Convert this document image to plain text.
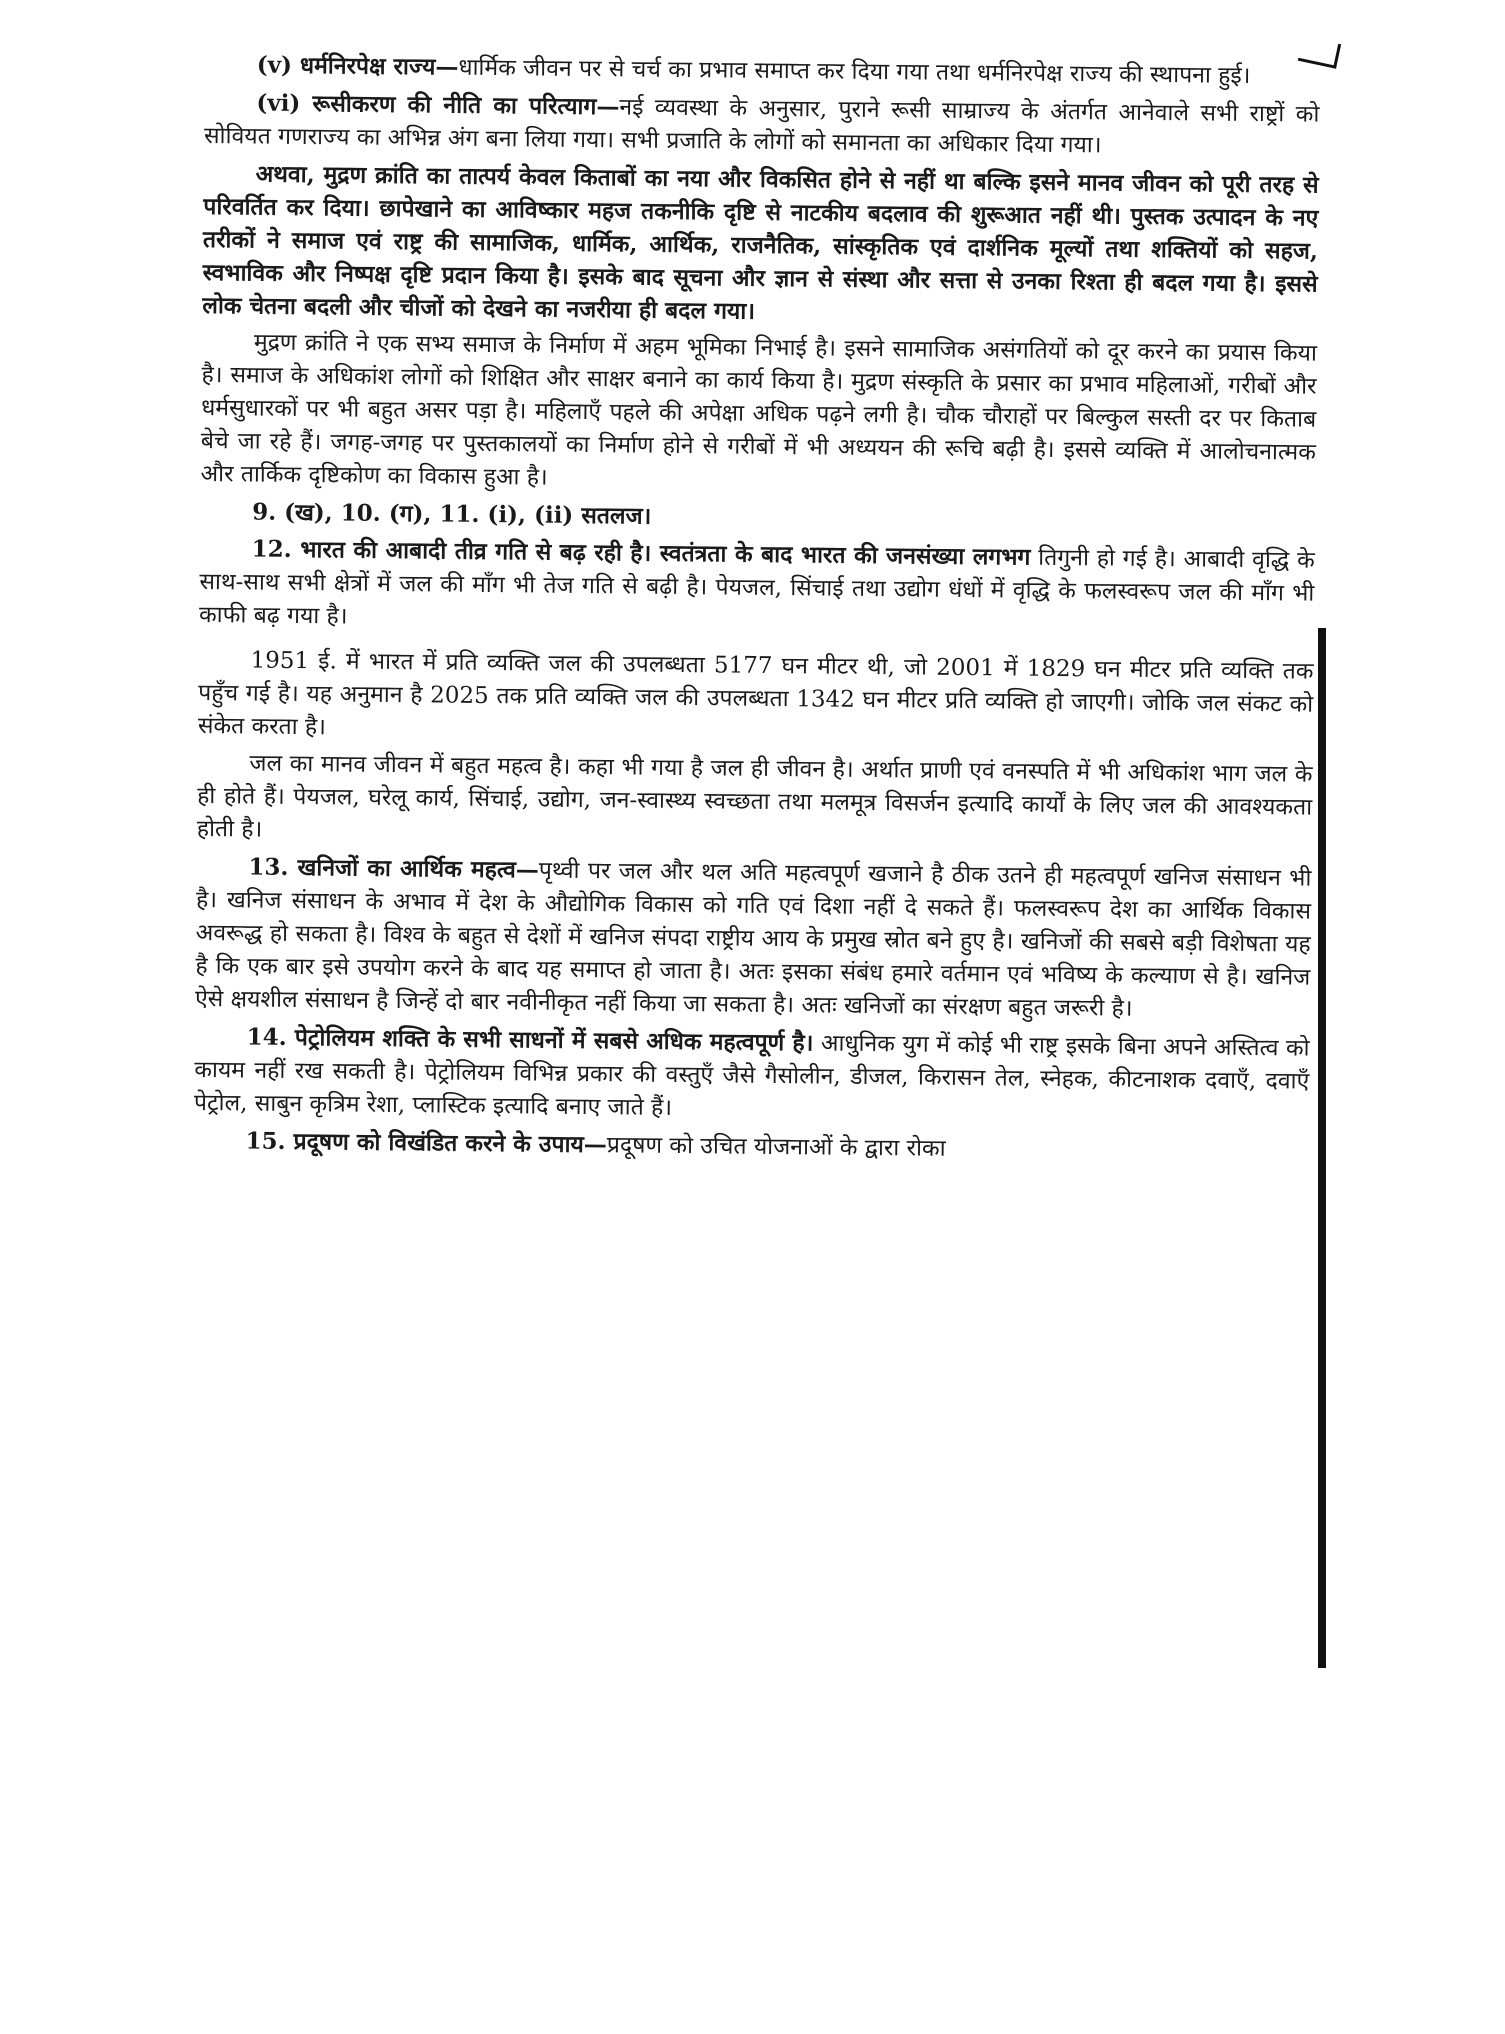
(v) धर्मनिरपेक्ष राज्य—धार्मिक जीवन पर से चर्च का प्रभाव समाप्त कर दिया गया तथा धर्मनिरपेक्ष राज्य की स्थापना हुई।

(vi) रूसीकरण की नीति का परित्याग—नई व्यवस्था के अनुसार, पुराने रूसी साम्राज्य के अंतर्गत आनेवाले सभी राष्ट्रों को सोवियत गणराज्य का अभिन्न अंग बना लिया गया। सभी प्रजाति के लोगों को समानता का अधिकार दिया गया।

अथवा, मुद्रण क्रांति का तात्पर्य केवल किताबों का नया और विकसित होने से नहीं था बल्कि इसने मानव जीवन को पूरी तरह से परिवर्तित कर दिया। छापेखाने का आविष्कार महज तकनीकि दृष्टि से नाटकीय बदलाव की शुरूआत नहीं थी। पुस्तक उत्पादन के नए तरीकों ने समाज एवं राष्ट्र की सामाजिक, धार्मिक, आर्थिक, राजनैतिक, सांस्कृतिक एवं दार्शनिक मूल्यों तथा शक्तियों को सहज, स्वभाविक और निष्पक्ष दृष्टि प्रदान किया है। इसके बाद सूचना और ज्ञान से संस्था और सत्ता से उनका रिश्ता ही बदल गया है। इससे लोक चेतना बदली और चीजों को देखने का नजरीया ही बदल गया।

मुद्रण क्रांति ने एक सभ्य समाज के निर्माण में अहम भूमिका निभाई है। इसने सामाजिक असंगतियों को दूर करने का प्रयास किया है। समाज के अधिकांश लोगों को शिक्षित और साक्षर बनाने का कार्य किया है। मुद्रण संस्कृति के प्रसार का प्रभाव महिलाओं, गरीबों और धर्मसुधारकों पर भी बहुत असर पड़ा है। महिलाएँ पहले की अपेक्षा अधिक पढ़ने लगी है। चौक चौराहों पर बिल्कुल सस्ती दर पर किताब बेचे जा रहे हैं। जगह-जगह पर पुस्तकालयों का निर्माण होने से गरीबों में भी अध्ययन की रूचि बढ़ी है। इससे व्यक्ति में आलोचनात्मक और तार्किक दृष्टिकोण का विकास हुआ है।

9. (ख), 10. (ग), 11. (i), (ii) सतलज।

12. भारत की आबादी तीव्र गति से बढ़ रही है। स्वतंत्रता के बाद भारत की जनसंख्या लगभग तिगुनी हो गई है। आबादी वृद्धि के साथ-साथ सभी क्षेत्रों में जल की माँग भी तेज गति से बढ़ी है। पेयजल, सिंचाई तथा उद्योग धंधों में वृद्धि के फलस्वरूप जल की माँग भी काफी बढ़ गया है।

1951 ई. में भारत में प्रति व्यक्ति जल की उपलब्धता 5177 घन मीटर थी, जो 2001 में 1829 घन मीटर प्रति व्यक्ति तक पहुँच गई है। यह अनुमान है 2025 तक प्रति व्यक्ति जल की उपलब्धता 1342 घन मीटर प्रति व्यक्ति हो जाएगी। जोकि जल संकट को संकेत करता है।

जल का मानव जीवन में बहुत महत्व है। कहा भी गया है जल ही जीवन है। अर्थात प्राणी एवं वनस्पति में भी अधिकांश भाग जल के ही होते हैं। पेयजल, घरेलू कार्य, सिंचाई, उद्योग, जन-स्वास्थ्य स्वच्छता तथा मलमूत्र विसर्जन इत्यादि कार्यों के लिए जल की आवश्यकता होती है।

13. खनिजों का आर्थिक महत्व—पृथ्वी पर जल और थल अति महत्वपूर्ण खजाने है ठीक उतने ही महत्वपूर्ण खनिज संसाधन भी है। खनिज संसाधन के अभाव में देश के औद्योगिक विकास को गति एवं दिशा नहीं दे सकते हैं। फलस्वरूप देश का आर्थिक विकास अवरूद्ध हो सकता है। विश्व के बहुत से देशों में खनिज संपदा राष्ट्रीय आय के प्रमुख स्रोत बने हुए है। खनिजों की सबसे बड़ी विशेषता यह है कि एक बार इसे उपयोग करने के बाद यह समाप्त हो जाता है। अतः इसका संबंध हमारे वर्तमान एवं भविष्य के कल्याण से है। खनिज ऐसे क्षयशील संसाधन है जिन्हें दो बार नवीनीकृत नहीं किया जा सकता है। अतः खनिजों का संरक्षण बहुत जरूरी है।

14. पेट्रोलियम शक्ति के सभी साधनों में सबसे अधिक महत्वपूर्ण है। आधुनिक युग में कोई भी राष्ट्र इसके बिना अपने अस्तित्व को कायम नहीं रख सकती है। पेट्रोलियम विभिन्न प्रकार की वस्तुएँ जैसे गैसोलीन, डीजल, किरासन तेल, स्नेहक, कीटनाशक दवाएँ, दवाएँ पेट्रोल, साबुन कृत्रिम रेशा, प्लास्टिक इत्यादि बनाए जाते हैं।

15. प्रदूषण को विखंडित करने के उपाय—प्रदूषण को उचित योजनाओं के द्वारा रोका
